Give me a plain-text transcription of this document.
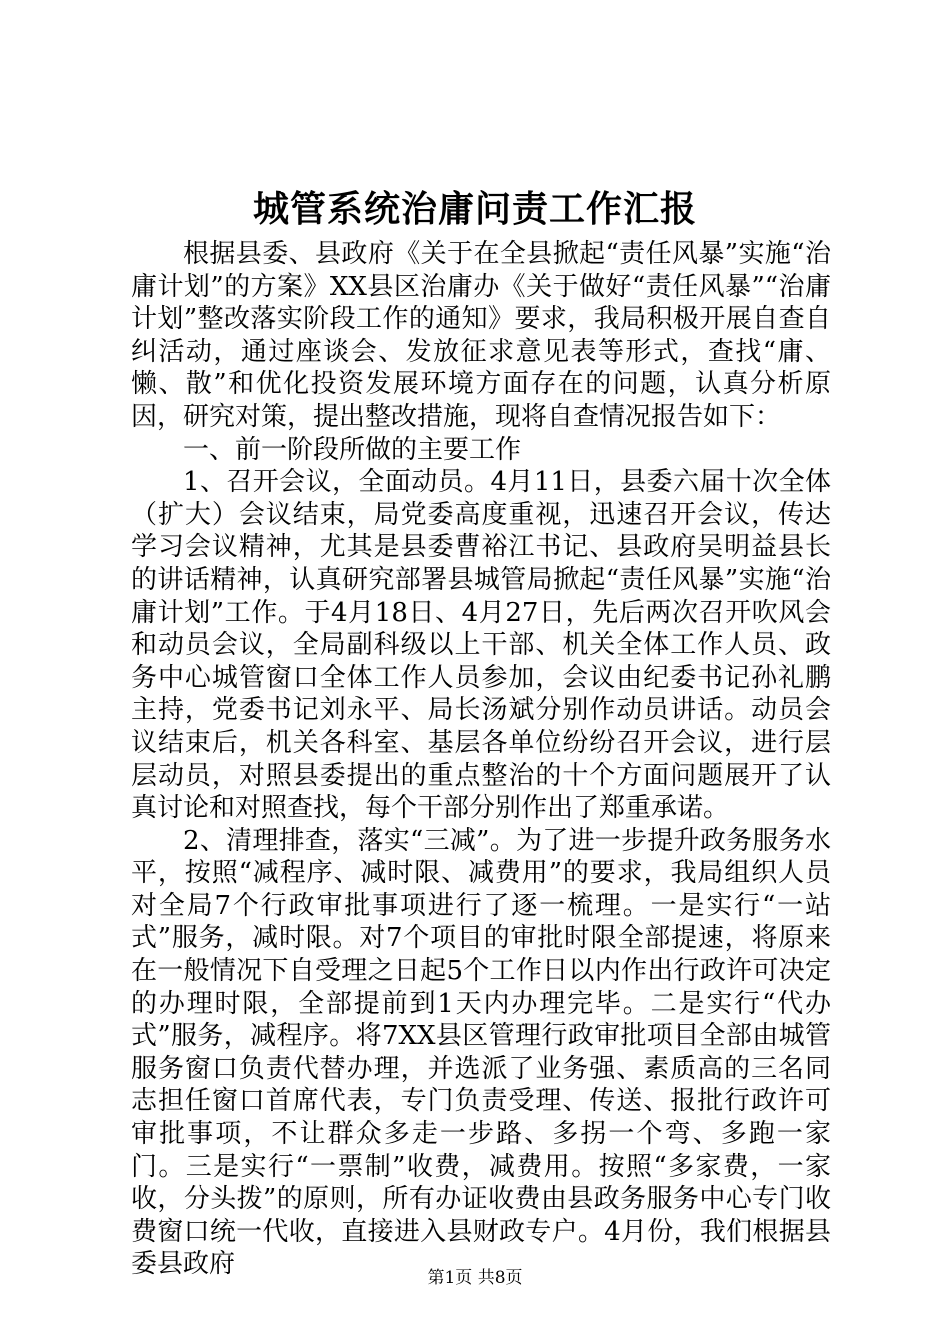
城管系统治庸问责工作汇报

根据县委、县政府《关于在全县掀起“责任风暴”实施“治庸计划”的方案》XX县区治庸办《关于做好“责任风暴”“治庸计划”整改落实阶段工作的通知》要求，我局积极开展自查自纠活动，通过座谈会、发放征求意见表等形式，查找“庸、懒、散”和优化投资发展环境方面存在的问题，认真分析原因，研究对策，提出整改措施，现将自查情况报告如下：

一、前一阶段所做的主要工作

1、召开会议，全面动员。4月11日，县委六届十次全体（扩大）会议结束，局党委高度重视，迅速召开会议，传达学习会议精神，尤其是县委曹裕江书记、县政府吴明益县长的讲话精神，认真研究部署县城管局掀起“责任风暴”实施“治庸计划”工作。于4月18日、4月27日，先后两次召开吹风会和动员会议，全局副科级以上干部、机关全体工作人员、政务中心城管窗口全体工作人员参加，会议由纪委书记孙礼鹏主持，党委书记刘永平、局长汤斌分别作动员讲话。动员会议结束后，机关各科室、基层各单位纷纷召开会议，进行层层动员，对照县委提出的重点整治的十个方面问题展开了认真讨论和对照查找，每个干部分别作出了郑重承诺。

2、清理排查，落实“三减”。为了进一步提升政务服务水平，按照“减程序、减时限、减费用”的要求，我局组织人员对全局7个行政审批事项进行了逐一梳理。一是实行“一站式”服务，减时限。对7个项目的审批时限全部提速，将原来在一般情况下自受理之日起5个工作日以内作出行政许可决定的办理时限，全部提前到1天内办理完毕。二是实行“代办式”服务，减程序。将7XX县区管理行政审批项目全部由城管服务窗口负责代替办理，并选派了业务强、素质高的三名同志担任窗口首席代表，专门负责受理、传送、报批行政许可审批事项，不让群众多走一步路、多拐一个弯、多跑一家门。三是实行“一票制”收费，减费用。按照“多家费，一家收，分头拨”的原则，所有办证收费由县政务服务中心专门收费窗口统一代收，直接进入县财政专户。4月份，我们根据县委县政府	第1页 共8页
